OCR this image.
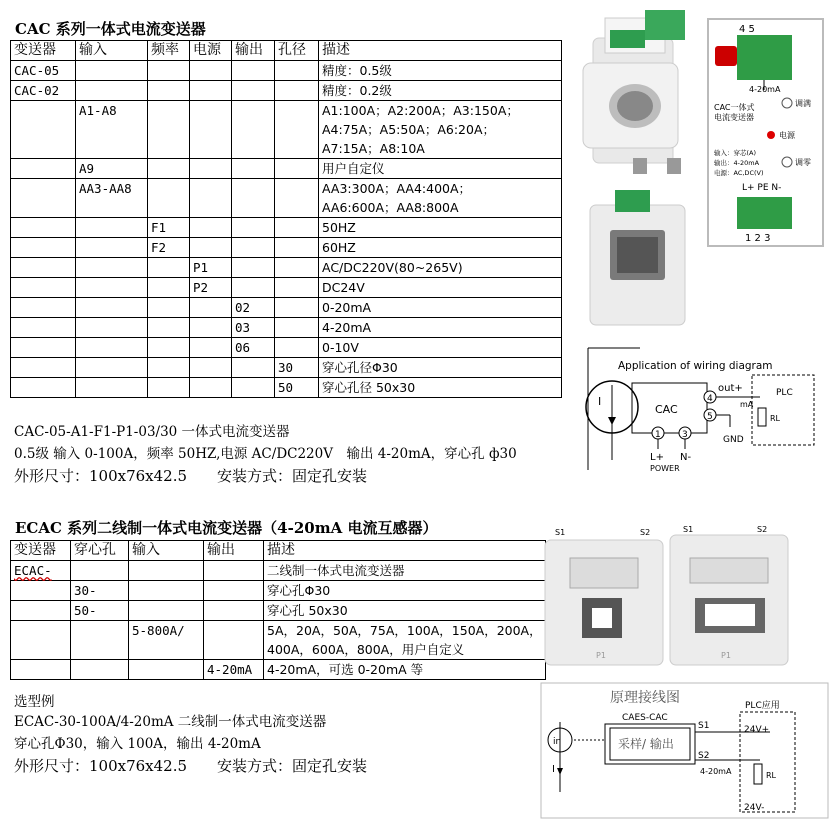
CAC 系列一体式电流变送器
变送器	输入	频率	电源	输出	孔径	描述
CAC-05						精度：0.5级
CAC-02						精度：0.2级
	A1-A8					A1:100A；A2:200A；A3:150A；
A4:75A；A5:50A；A6:20A；
A7:15A；A8:10A
	A9					用户自定仪
	AA3-AA8					AA3:300A；AA4:400A；
AA6:600A；AA8:800A
		F1				50HZ
		F2				60HZ
			P1			AC/DC220V(80~265V)
			P2			DC24V
				02		0-20mA
				03		4-20mA
				06		0-10V
					30	穿心孔径Φ30
					50	穿心孔径 50x30
CAC-05-A1-F1-P1-03/30 一体式电流变送器
0.5级 输入 0-100A，频率 50HZ,电源 AC/DC220V　输出 4-20mA，穿心孔 ф30
外形尺寸：100x76x42.5　　安装方式：固定孔安装
4 5
4-20mA
CAC一体式
电流变送器
调满
电源
输入：穿芯(A)
输出：4-20mA
电源：AC,DC(V)
调零
L+ PE N-
1 2 3
Application of wiring diagram
I
CAC
4
5
1 3
out+
mA
GND
PLC
RL
L+ N-
POWER
ECAC 系列二线制一体式电流变送器（4-20mA 电流互感器）
变送器	穿心孔	输入	输出	描述
ECAC-				二线制一体式电流变送器
	30-			穿心孔Φ30
	50-			穿心孔 50x30
		5-800A/		5A，20A，50A，75A，100A，150A，200A，
400A，600A，800A，用户自定义
			4-20mA	4-20mA，可选 0-20mA 等
选型例
ECAC-30-100A/4-20mA 二线制一体式电流变送器
穿心孔Φ30，输入 100A，输出 4-20mA
外形尺寸：100x76x42.5　　安装方式：固定孔安装
S1	S2
P1
S1	S2
P1
原理接线图
CAES-CAC
采样/ 输出
in
I
S1
S2
4-20mA
PLC应用
24V+
RL
24V-
